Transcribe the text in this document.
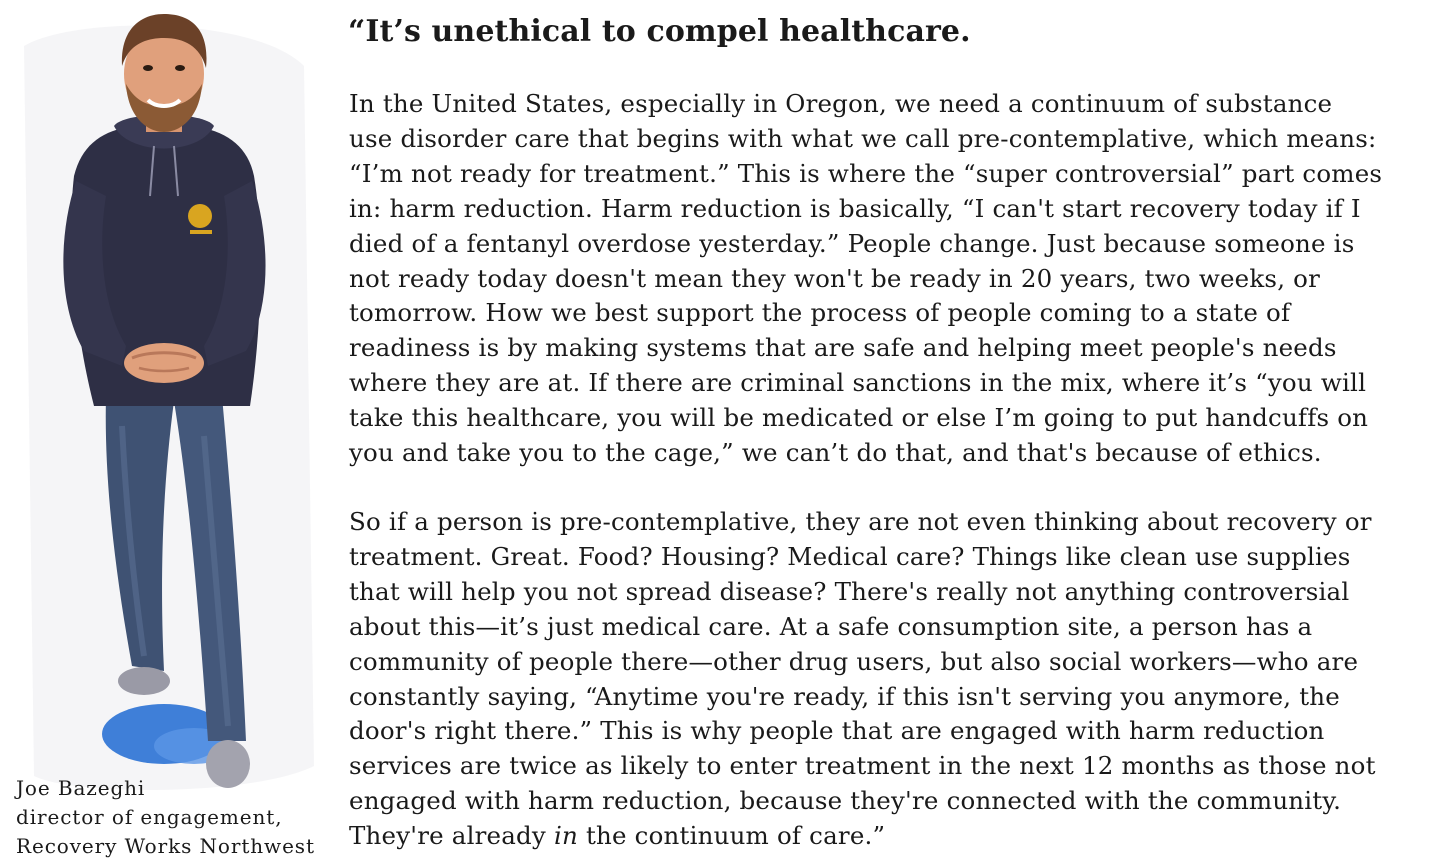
“It’s unethical to compel healthcare.
In the United States, especially in Oregon, we need a continuum of substance
use disorder care that begins with what we call pre-contemplative, which means:
“I’m not ready for treatment.” This is where the “super controversial” part comes
in: harm reduction. Harm reduction is basically, “I can't start recovery today if I
died of a fentanyl overdose yesterday.” People change. Just because someone is
not ready today doesn't mean they won't be ready in 20 years, two weeks, or
tomorrow. How we best support the process of people coming to a state of
readiness is by making systems that are safe and helping meet people's needs
where they are at. If there are criminal sanctions in the mix, where it’s “you will
take this healthcare, you will be medicated or else I’m going to put handcuffs on
you and take you to the cage,” we can’t do that, and that's because of ethics.
So if a person is pre-contemplative, they are not even thinking about recovery or
treatment. Great. Food? Housing? Medical care? Things like clean use supplies
that will help you not spread disease? There's really not anything controversial
about this—it’s just medical care. At a safe consumption site, a person has a
community of people there—other drug users, but also social workers—who are
constantly saying, “Anytime you're ready, if this isn't serving you anymore, the
door's right there.” This is why people that are engaged with harm reduction
services are twice as likely to enter treatment in the next 12 months as those not
engaged with harm reduction, because they're connected with the community.
They're already in the continuum of care.”
Joe Bazeghi
director of engagement,
Recovery Works Northwest
